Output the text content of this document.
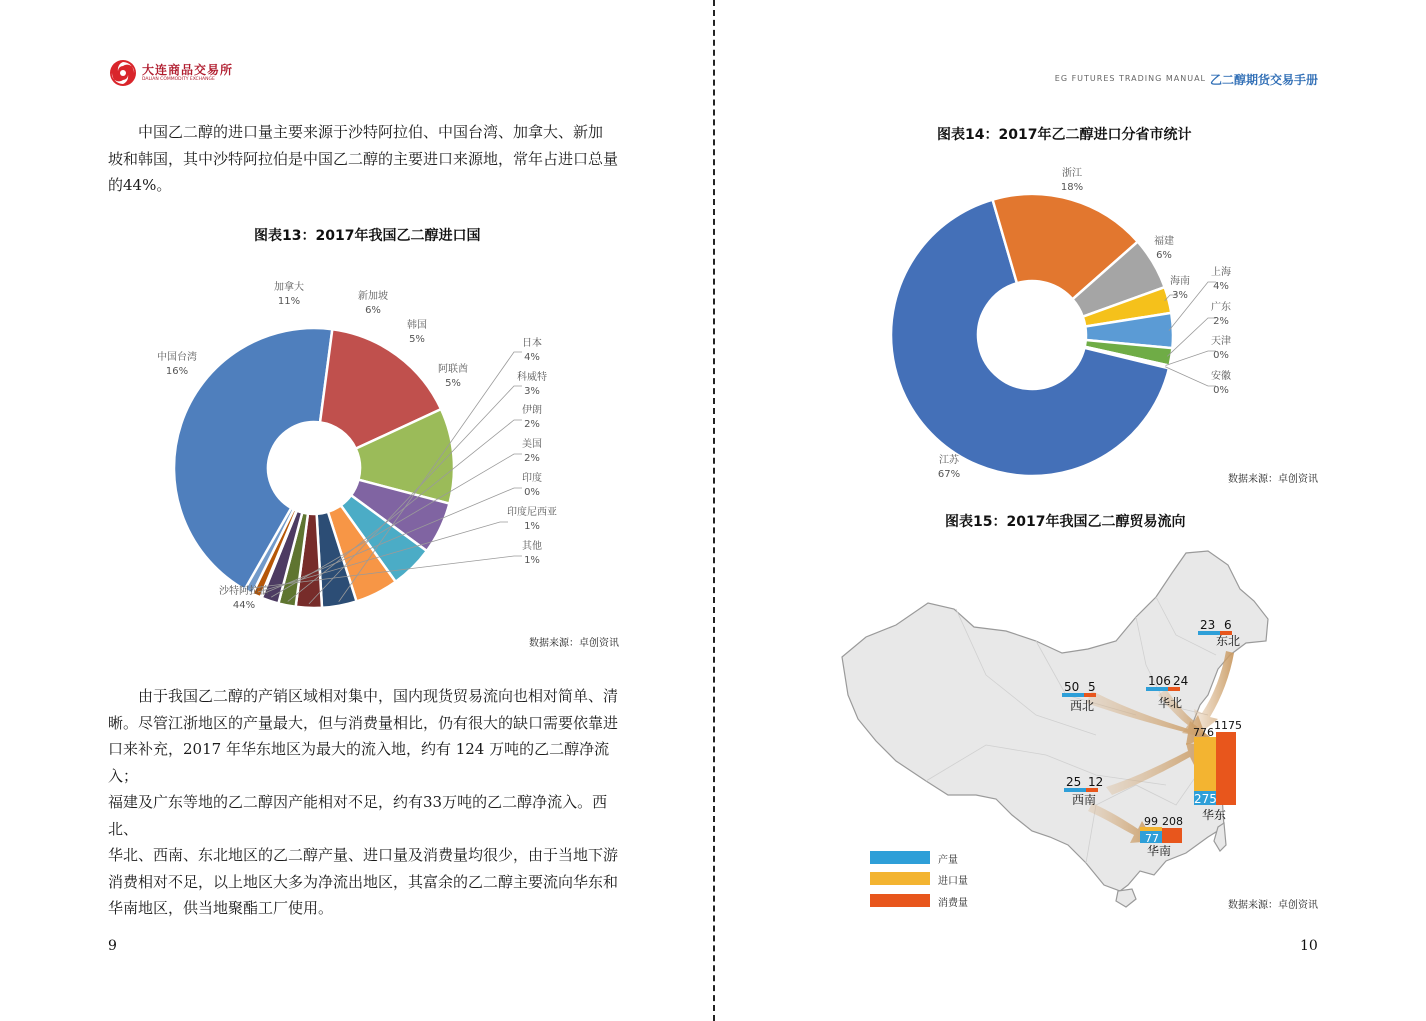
大连商品交易所
DALIAN COMMODITY EXCHANGE

中国乙二醇的进口量主要来源于沙特阿拉伯、中国台湾、加拿大、新加

坡和韩国，其中沙特阿拉伯是中国乙二醇的主要进口来源地，常年占进口总量

的44%。

图表13：2017年我国乙二醇进口国
沙特阿拉伯
44%
中国台湾
16%
加拿大
11%	新加坡
6%
韩国
5%
阿联酋
5%
日本
4%
科威特
3%
伊朗
2%
美国
2%
印度
0%
印度尼西亚
1%
其他
1%
数据来源：卓创资讯

由于我国乙二醇的产销区域相对集中，国内现货贸易流向也相对简单、清

晰。尽管江浙地区的产量最大，但与消费量相比，仍有很大的缺口需要依靠进

口来补充，2017 年华东地区为最大的流入地，约有 124 万吨的乙二醇净流入；

福建及广东等地的乙二醇因产能相对不足，约有33万吨的乙二醇净流入。西北、

华北、西南、东北地区的乙二醇产量、进口量及消费量均很少，由于当地下游

消费相对不足，以上地区大多为净流出地区，其富余的乙二醇主要流向华东和

华南地区，供当地聚酯工厂使用。

9
EG FUTURES TRADING MANUAL 乙二醇期货交易手册
图表14：2017年乙二醇进口分省市统计
江苏
67%
浙江
18%
福建
6%
海南
3%
上海
4%
广东
2%
天津
0%
安徽
0%
数据来源：卓创资讯
图表15：2017年我国乙二醇贸易流向
23 6
东北
50 5
西北
106 24
华北
25 12
西南	275
776
1175
华东
77
99 208
华南
产量
进口量
消费量	数据来源：卓创资讯
10
